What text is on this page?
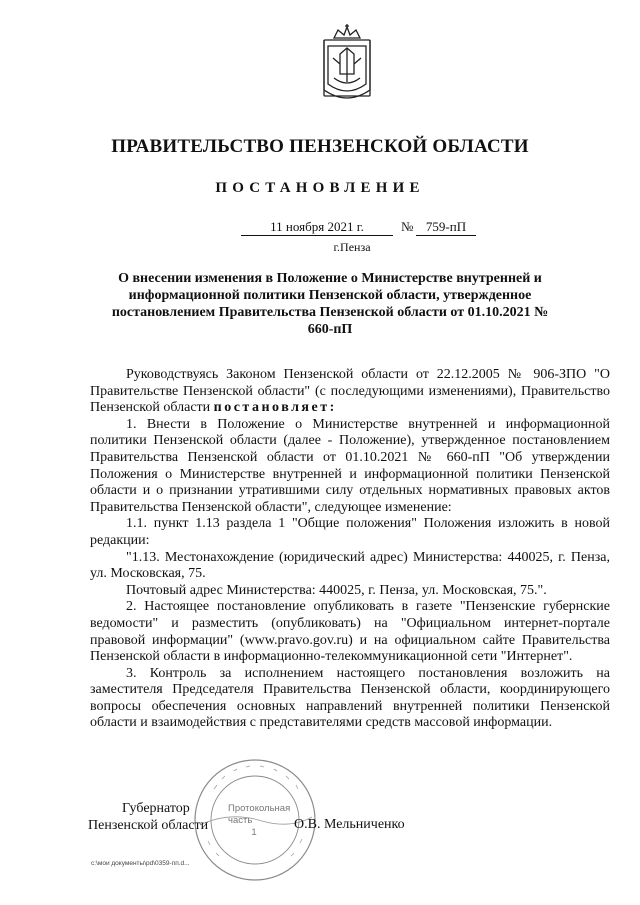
ПРАВИТЕЛЬСТВО ПЕНЗЕНСКОЙ ОБЛАСТИ
ПОСТАНОВЛЕНИЕ
11 ноября 2021 г.	№ 759-пП
г.Пенза
О внесении изменения в Положение о Министерстве внутренней и информационной политики Пензенской области, утвержденное постановлением Правительства Пензенской области от 01.10.2021 № 660-пП

Руководствуясь Законом Пензенской области от 22.12.2005 № 906-ЗПО "О Правительстве Пензенской области" (с последующими изменениями), Правительство Пензенской области постановляет:

1. Внести в Положение о Министерстве внутренней и информационной политики Пензенской области (далее - Положение), утвержденное постановлением Правительства Пензенской области от 01.10.2021 № 660-пП "Об утверждении Положения о Министерстве внутренней и информационной политики Пензенской области и о признании утратившими силу отдельных нормативных правовых актов Правительства Пензенской области", следующее изменение:

1.1. пункт 1.13 раздела 1 "Общие положения" Положения изложить в новой редакции:

"1.13. Местонахождение (юридический адрес) Министерства: 440025, г. Пенза, ул. Московская, 75.

Почтовый адрес Министерства: 440025, г. Пенза, ул. Московская, 75.".

2. Настоящее постановление опубликовать в газете "Пензенские губернские ведомости" и разместить (опубликовать) на "Официальном интернет-портале правовой информации" (www.pravo.gov.ru) и на официальном сайте Правительства Пензенской области в информационно-телекоммуникационной сети "Интернет".

3. Контроль за исполнением настоящего постановления возложить на заместителя Председателя Правительства Пензенской области, координирующего вопросы обеспечения основных направлений внутренней политики Пензенской области и взаимодействия с представителями средств массовой информации.

Протокольная
часть

1
Губернатор
Пензенской области	О.В. Мельниченко
c:\мои документы\pd\0359-пп.d...
